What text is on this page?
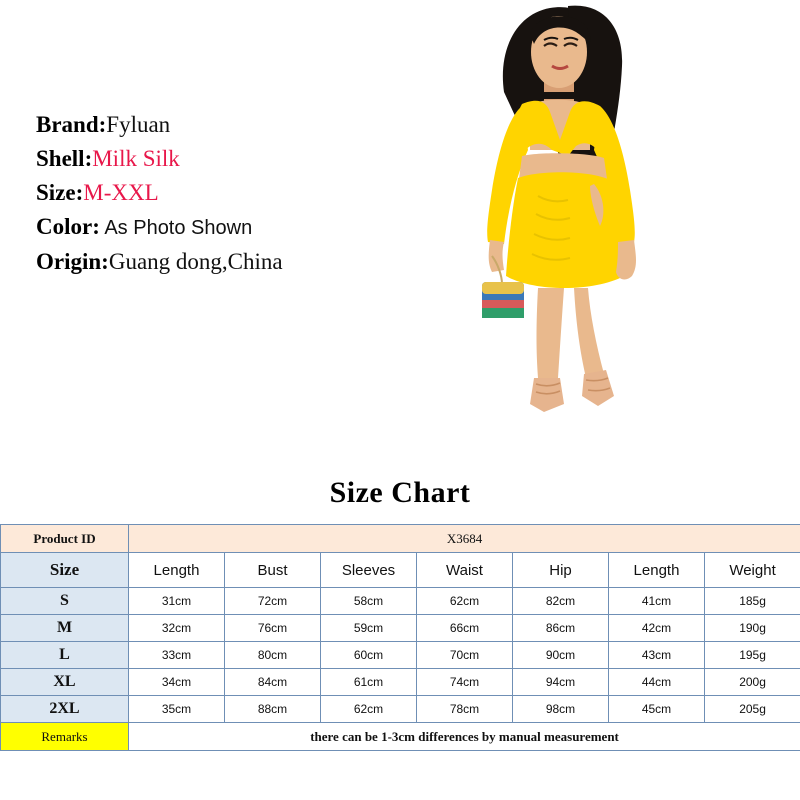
Brand:Fyluan
Shell:Milk Silk
Size:M-XXL
Color: As Photo Shown
Origin:Guang dong,China
Size Chart
Product ID	X3684						
Size	Length	Bust	Sleeves	Waist	Hip	Length	Weight
S	31cm	72cm	58cm	62cm	82cm	41cm	185g
M	32cm	76cm	59cm	66cm	86cm	42cm	190g
L	33cm	80cm	60cm	70cm	90cm	43cm	195g
XL	34cm	84cm	61cm	74cm	94cm	44cm	200g
2XL	35cm	88cm	62cm	78cm	98cm	45cm	205g
Remarks	there can be 1-3cm differences by manual measurement						
